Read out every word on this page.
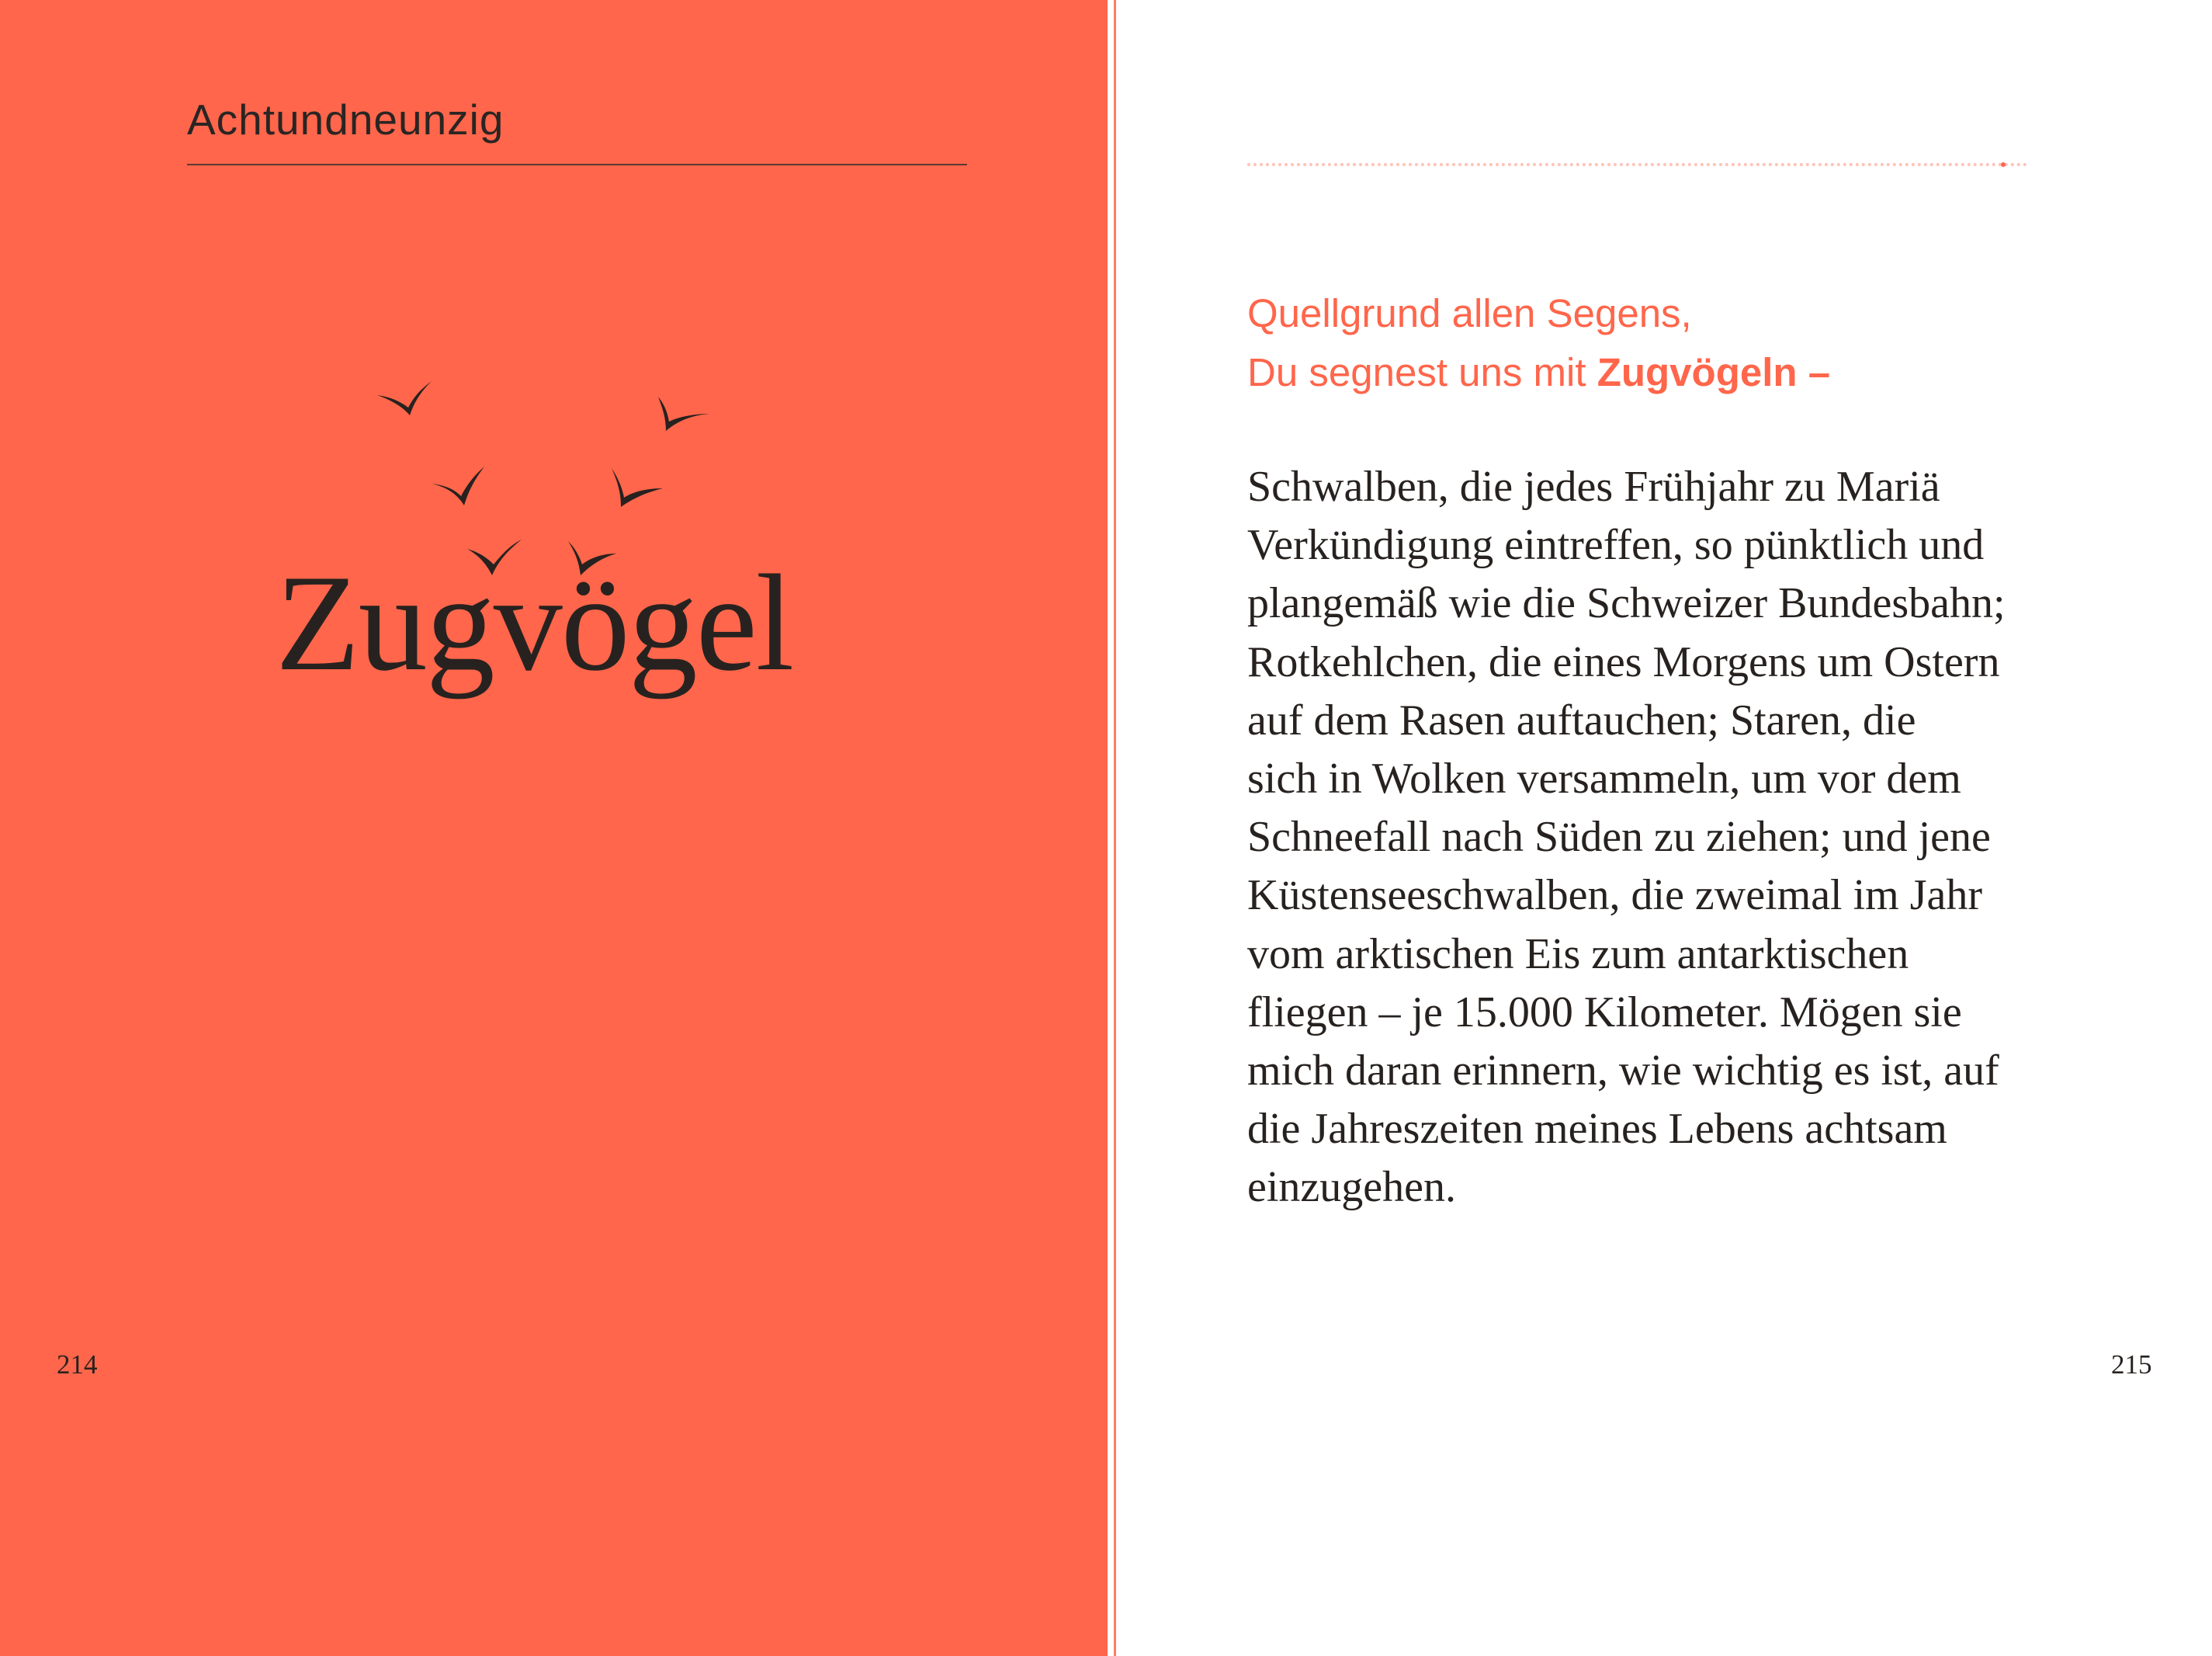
Achtundneunzig
Zugvögel
214
Quellgrund allen Segens,
Du segnest uns mit Zugvögeln –
Schwalben, die jedes Frühjahr zu Mariä
Verkündigung eintreffen, so pünktlich und
plangemäß wie die Schweizer Bundesbahn;
Rotkehlchen, die eines Morgens um Ostern
auf dem Rasen auftauchen; Staren, die
sich in Wolken versammeln, um vor dem
Schneefall nach Süden zu ziehen; und jene
Küstenseeschwalben, die zweimal im Jahr
vom arktischen Eis zum antarktischen
fliegen – je 15.000 Kilometer. Mögen sie
mich daran erinnern, wie wichtig es ist, auf
die Jahreszeiten meines Lebens achtsam
einzugehen.
215
